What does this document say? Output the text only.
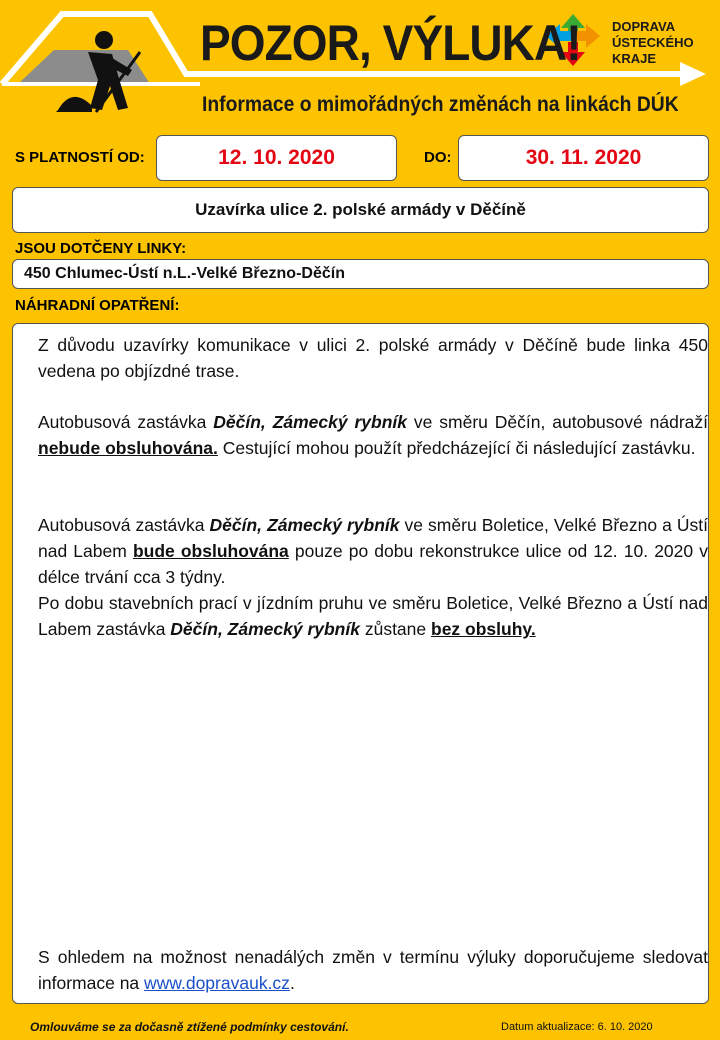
POZOR, VÝLUKA!
Informace o mimořádných změnách na linkách DÚK
DOPRAVA
ÚSTECKÉHO
KRAJE
S PLATNOSTÍ OD:	12. 10. 2020	DO:	30. 11. 2020
Uzavírka ulice 2. polské armády v Děčíně
JSOU DOTČENY LINKY:
450 Chlumec-Ústí n.L.-Velké Březno-Děčín
NÁHRADNÍ OPATŘENÍ:
Z důvodu uzavírky komunikace v ulici 2. polské armády v Děčíně bude linka 450 vedena po objízdné trase.
Autobusová zastávka Děčín, Zámecký rybník ve směru Děčín, autobusové nádraží nebude obsluhována. Cestující mohou použít předcházející či následující zastávku.
Autobusová zastávka Děčín, Zámecký rybník ve směru Boletice, Velké Březno a Ústí nad Labem bude obsluhována pouze po dobu rekonstrukce ulice od 12. 10. 2020 v délce trvání cca 3 týdny.
Po dobu stavebních prací v jízdním pruhu ve směru Boletice, Velké Březno a Ústí nad Labem zastávka Děčín, Zámecký rybník zůstane bez obsluhy.
S ohledem na možnost nenadálých změn v termínu výluky doporučujeme sledovat informace na www.dopravauk.cz.
Omlouváme se za dočasně ztížené podmínky cestování.	Datum aktualizace: 6. 10. 2020
